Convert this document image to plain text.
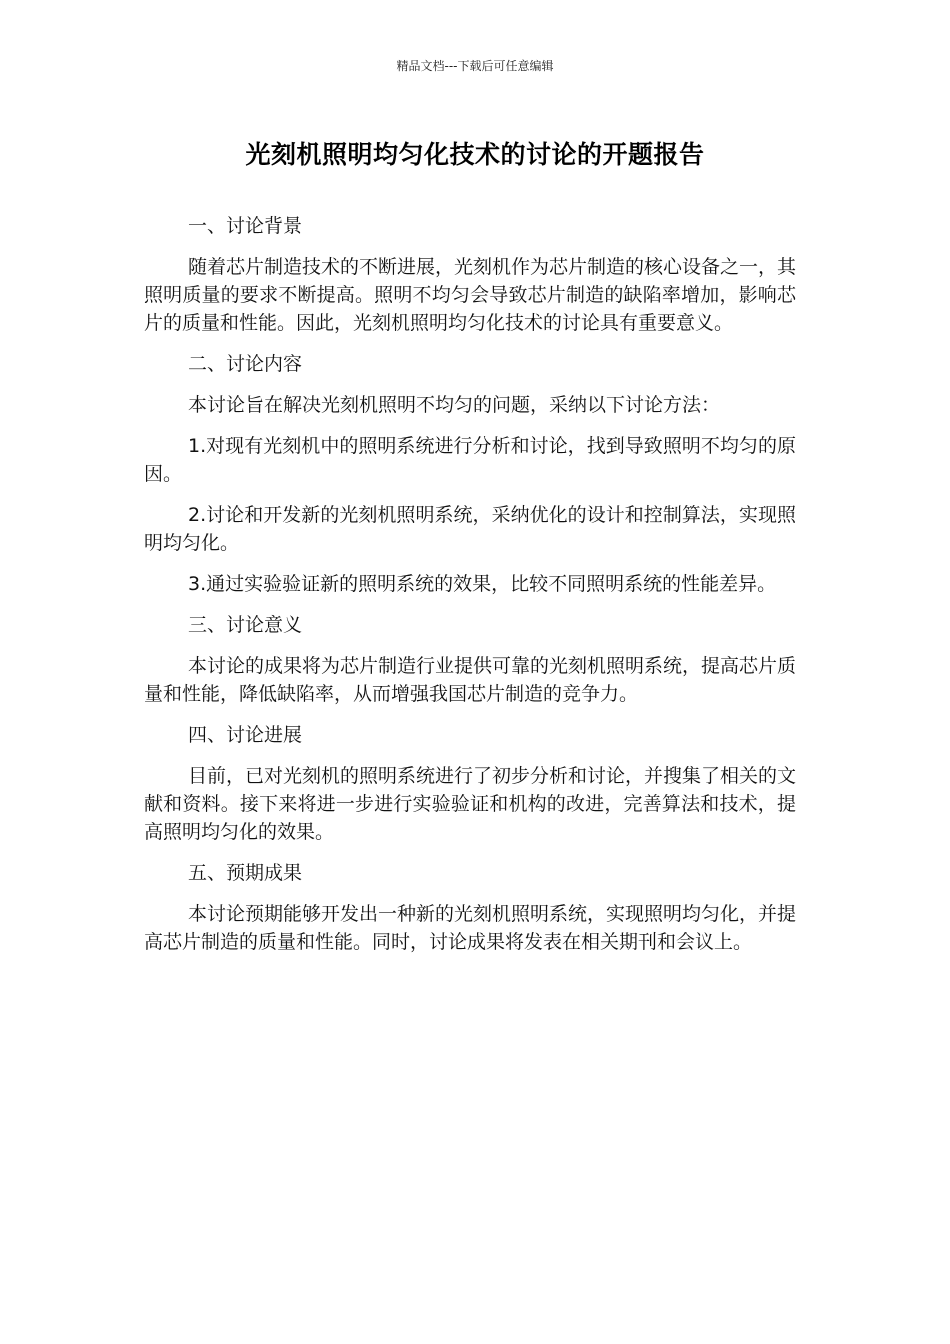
精品文档---下载后可任意编辑
光刻机照明均匀化技术的讨论的开题报告
一、讨论背景

随着芯片制造技术的不断进展，光刻机作为芯片制造的核心设备之一，其照明质量的要求不断提高。照明不均匀会导致芯片制造的缺陷率增加，影响芯片的质量和性能。因此，光刻机照明均匀化技术的讨论具有重要意义。

二、讨论内容

本讨论旨在解决光刻机照明不均匀的问题，采纳以下讨论方法：

1.对现有光刻机中的照明系统进行分析和讨论，找到导致照明不均匀的原因。

2.讨论和开发新的光刻机照明系统，采纳优化的设计和控制算法，实现照明均匀化。

3.通过实验验证新的照明系统的效果，比较不同照明系统的性能差异。

三、讨论意义

本讨论的成果将为芯片制造行业提供可靠的光刻机照明系统，提高芯片质量和性能，降低缺陷率，从而增强我国芯片制造的竞争力。

四、讨论进展

目前，已对光刻机的照明系统进行了初步分析和讨论，并搜集了相关的文献和资料。接下来将进一步进行实验验证和机构的改进，完善算法和技术，提高照明均匀化的效果。

五、预期成果

本讨论预期能够开发出一种新的光刻机照明系统，实现照明均匀化，并提高芯片制造的质量和性能。同时，讨论成果将发表在相关期刊和会议上。
